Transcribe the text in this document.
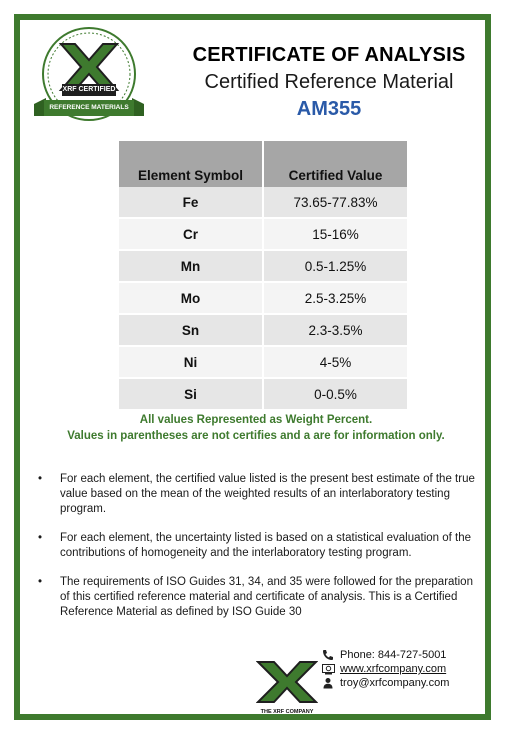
XRF CERTIFIED
REFERENCE MATERIALS
CERTIFICATE OF ANALYSIS
Certified Reference Material
AM355
Element Symbol	Certified Value
Fe	73.65-77.83%
Cr	15-16%
Mn	0.5-1.25%
Mo	2.5-3.25%
Sn	2.3-3.5%
Ni	4-5%
Si	0-0.5%
All values Represented as Weight Percent.
Values in parentheses are not certifies and a are for information only.
• For each element, the certified value listed is the present best estimate of the true value based on the mean of the weighted results of an interlaboratory testing program.
• For each element, the uncertainty listed is based on a statistical evaluation of the contributions of homogeneity and the interlaboratory testing program.
• The requirements of ISO Guides 31, 34, and 35 were followed for the preparation of this certified reference material and certificate of analysis. This is a Certified Reference Material as defined by ISO Guide 30
THE XRF COMPANY
Phone: 844-727-5001
www.xrfcompany.com
troy@xrfcompany.com
